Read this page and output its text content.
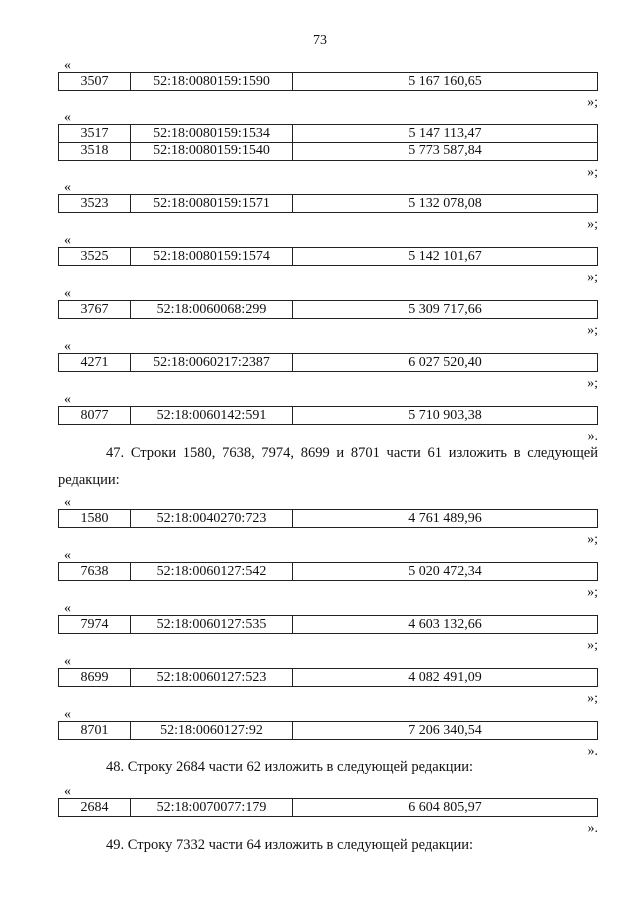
73
«
3507	52:18:0080159:1590	5 167 160,65
»;
«
3517	52:18:0080159:1534	5 147 113,47
3518	52:18:0080159:1540	5 773 587,84
»;
«
3523	52:18:0080159:1571	5 132 078,08
»;
«
3525	52:18:0080159:1574	5 142 101,67
»;
«
3767	52:18:0060068:299	5 309 717,66
»;
«
4271	52:18:0060217:2387	6 027 520,40
»;
«
8077	52:18:0060142:591	5 710 903,38
».
«
1580	52:18:0040270:723	4 761 489,96
»;
«
7638	52:18:0060127:542	5 020 472,34
»;
«
7974	52:18:0060127:535	4 603 132,66
»;
«
8699	52:18:0060127:523	4 082 491,09
»;
«
8701	52:18:0060127:92	7 206 340,54
».
«
2684	52:18:0070077:179	6 604 805,97
».
47. Строки 1580, 7638, 7974, 8699 и 8701 части 61 изложить в следующей
редакции:
48. Строку 2684 части 62 изложить в следующей редакции:
49. Строку 7332 части 64 изложить в следующей редакции:
